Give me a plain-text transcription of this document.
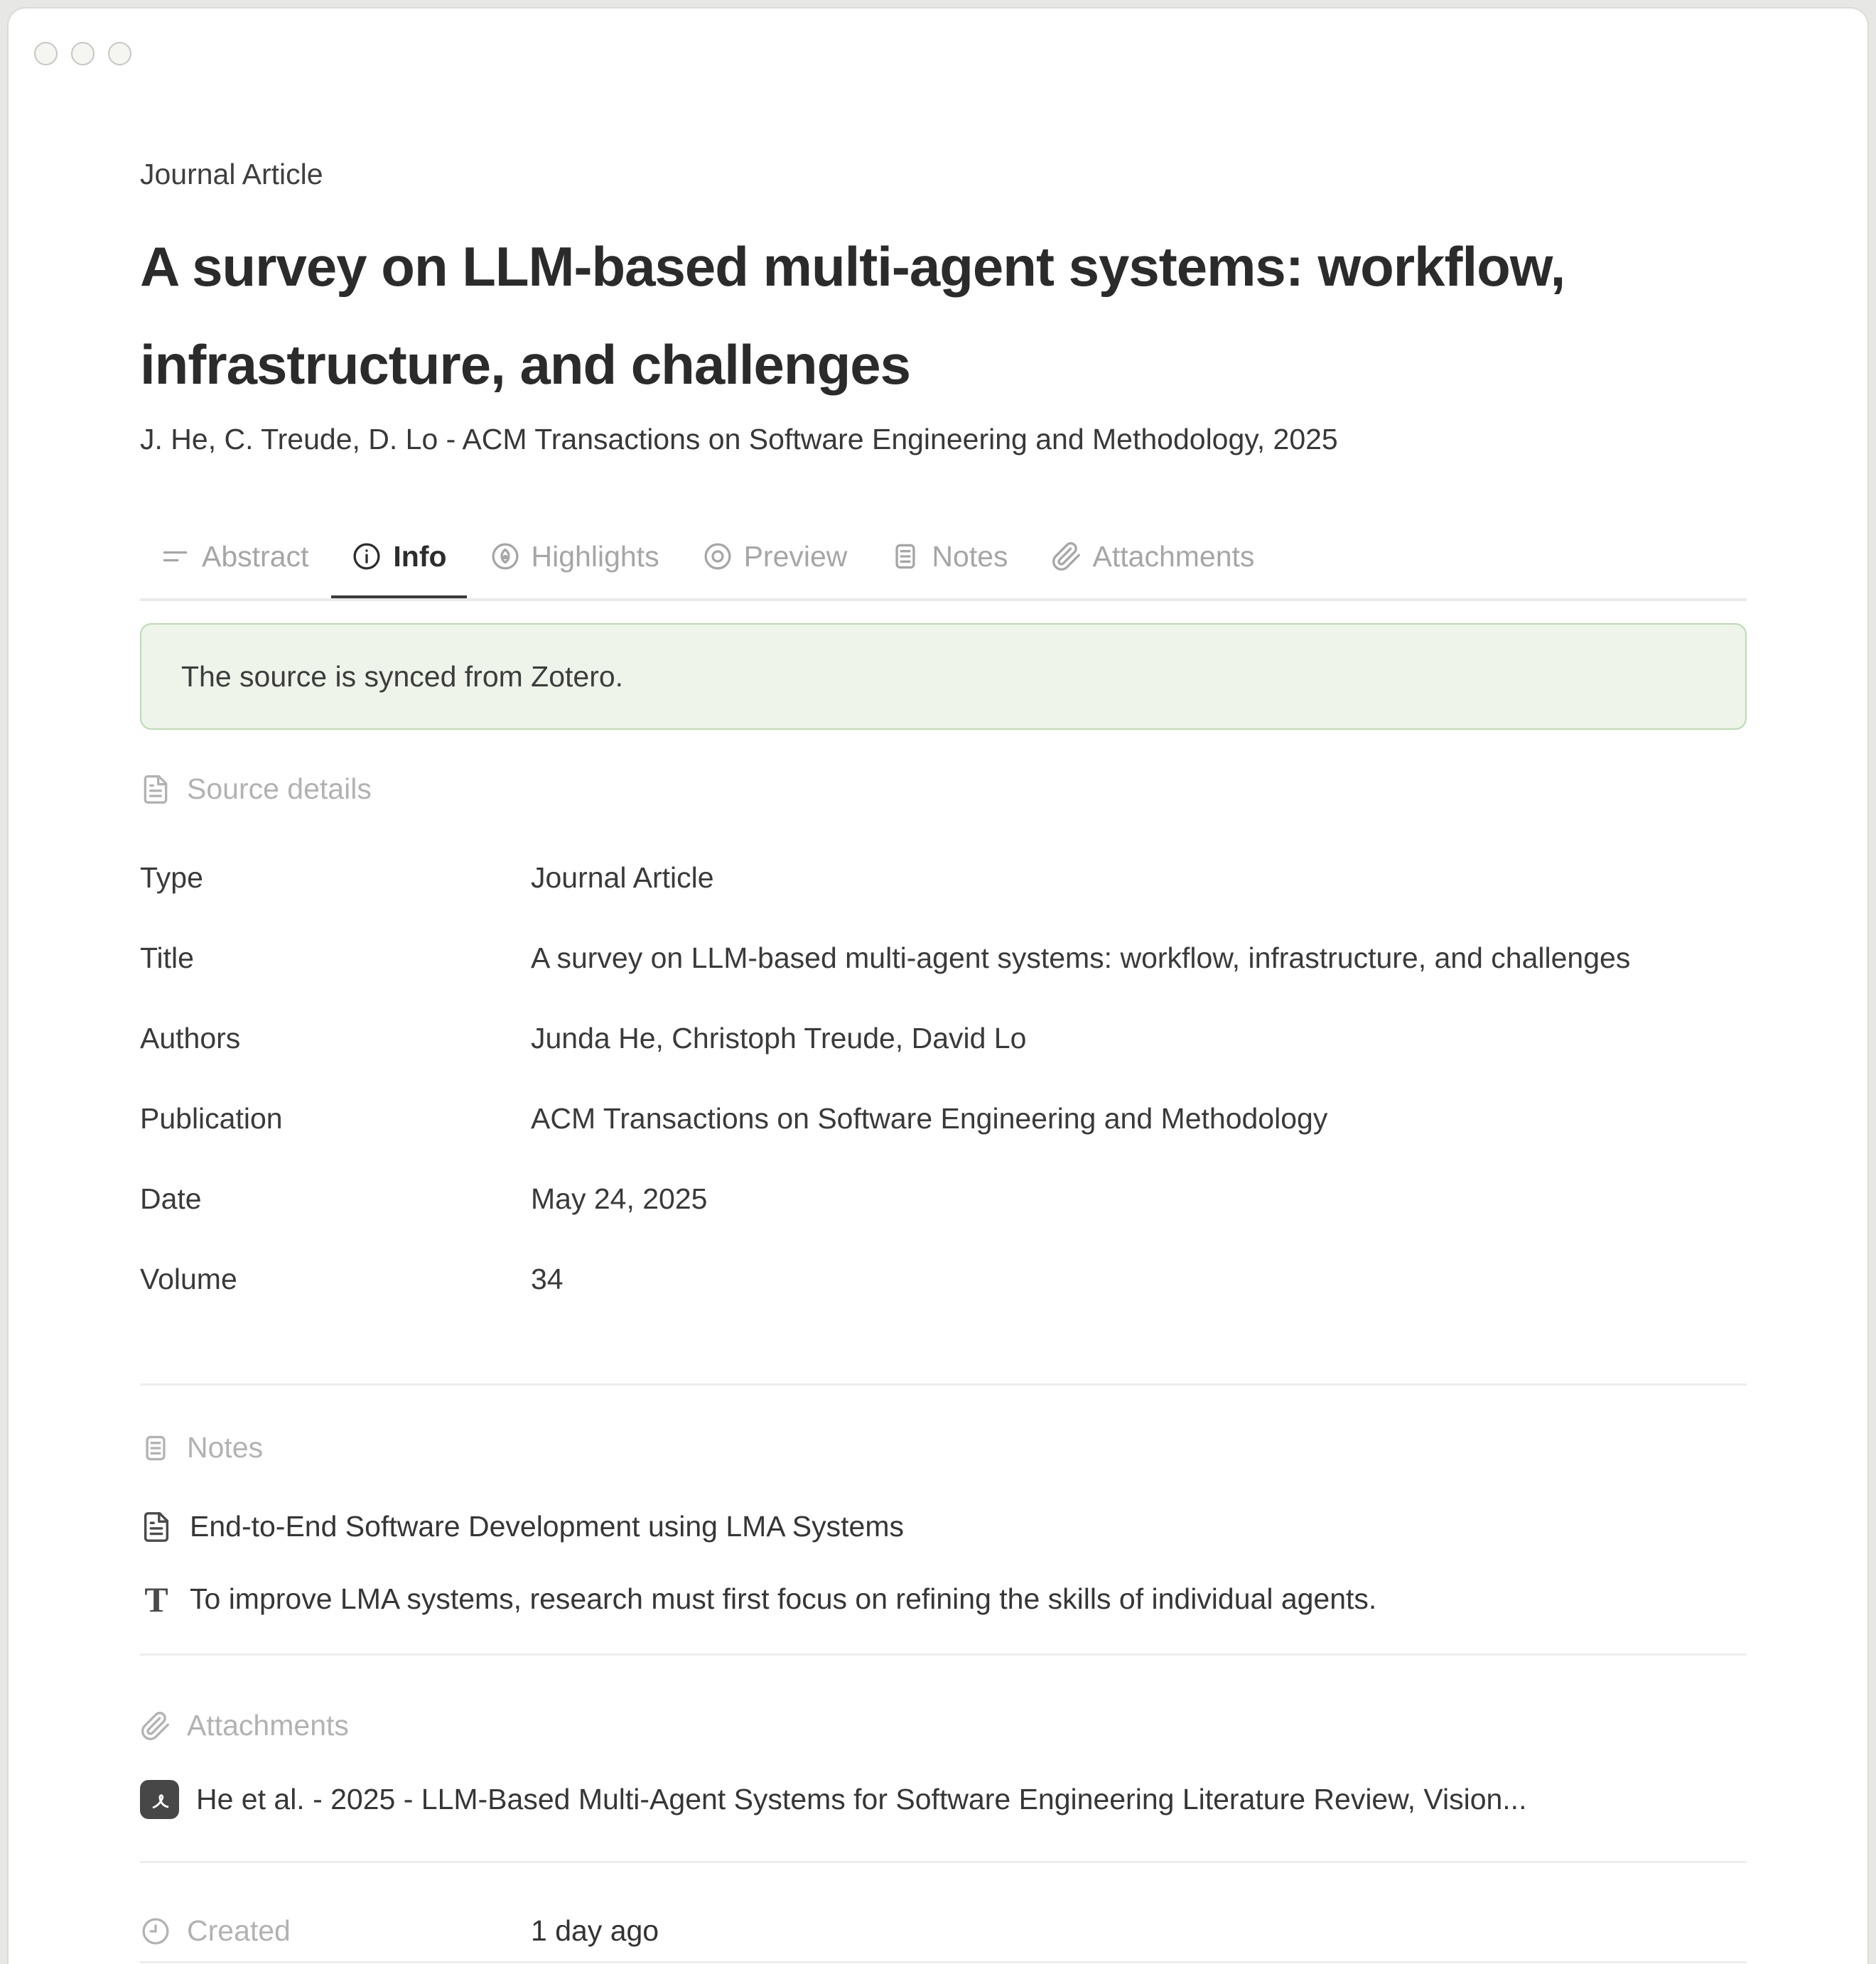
Journal Article
A survey on LLM-based multi-agent systems: workflow, infrastructure, and challenges
J. He, C. Treude, D. Lo - ACM Transactions on Software Engineering and Methodology, 2025
Abstract	Info	Highlights	Preview	Notes	Attachments
The source is synced from Zotero.
Source details
Type	Journal Article
Title	A survey on LLM-based multi-agent systems: workflow, infrastructure, and challenges
Authors	Junda He, Christoph Treude, David Lo
Publication	ACM Transactions on Software Engineering and Methodology
Date	May 24, 2025
Volume	34
Notes
End-to-End Software Development using LMA Systems
T To improve LMA systems, research must first focus on refining the skills of individual agents.
Attachments
He et al. - 2025 - LLM-Based Multi-Agent Systems for Software Engineering Literature Review, Vision...
Created	1 day ago
